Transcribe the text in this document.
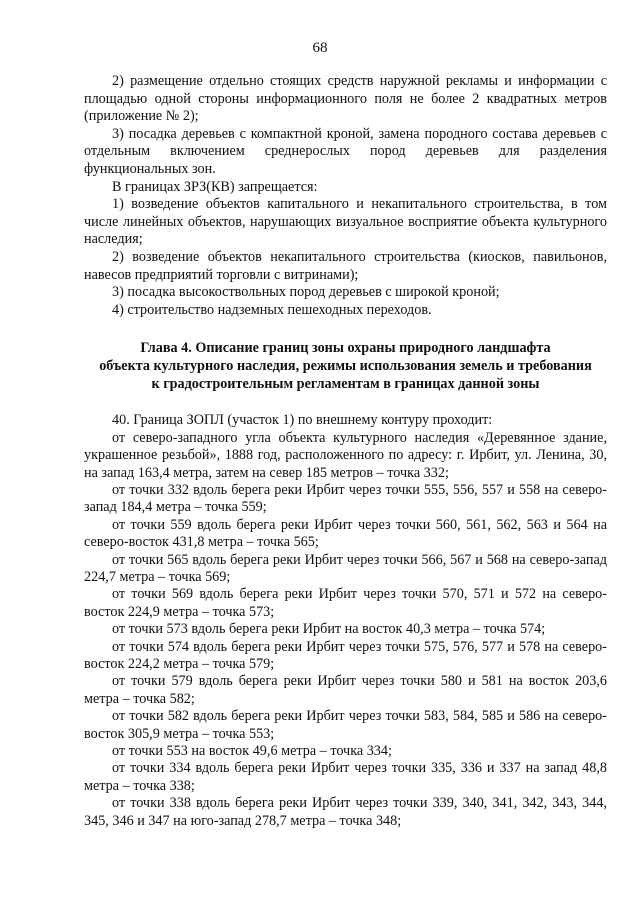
68

2) размещение отдельно стоящих средств наружной рекламы и информации с площадью одной стороны информационного поля не более 2 квадратных метров (приложение № 2);

3) посадка деревьев с компактной кроной, замена породного состава деревьев с отдельным включением среднерослых пород деревьев для разделения функциональных зон.

В границах ЗРЗ(КВ) запрещается:

1) возведение объектов капитального и некапитального строительства, в том числе линейных объектов, нарушающих визуальное восприятие объекта культурного наследия;

2) возведение объектов некапитального строительства (киосков, павильонов, навесов предприятий торговли с витринами);

3) посадка высокоствольных пород деревьев с широкой кроной;

4) строительство надземных пешеходных переходов.

Глава 4. Описание границ зоны охраны природного ландшафта
объекта культурного наследия, режимы использования земель и требования
к градостроительным регламентам в границах данной зоны

40. Граница ЗОПЛ (участок 1) по внешнему контуру проходит:

от северо-западного угла объекта культурного наследия «Деревянное здание, украшенное резьбой», 1888 год, расположенного по адресу: г. Ирбит, ул. Ленина, 30, на запад 163,4 метра, затем на север 185 метров – точка 332;

от точки 332 вдоль берега реки Ирбит через точки 555, 556, 557 и 558 на северо-запад 184,4 метра – точка 559;

от точки 559 вдоль берега реки Ирбит через точки 560, 561, 562, 563 и 564 на северо-восток 431,8 метра – точка 565;

от точки 565 вдоль берега реки Ирбит через точки 566, 567 и 568 на северо-запад 224,7 метра – точка 569;

от точки 569 вдоль берега реки Ирбит через точки 570, 571 и 572 на северо-восток 224,9 метра – точка 573;

от точки 573 вдоль берега реки Ирбит на восток 40,3 метра – точка 574;

от точки 574 вдоль берега реки Ирбит через точки 575, 576, 577 и 578 на северо-восток 224,2 метра – точка 579;

от точки 579 вдоль берега реки Ирбит через точки 580 и 581 на восток 203,6 метра – точка 582;

от точки 582 вдоль берега реки Ирбит через точки 583, 584, 585 и 586 на северо-восток 305,9 метра – точка 553;

от точки 553 на восток 49,6 метра – точка 334;

от точки 334 вдоль берега реки Ирбит через точки 335, 336 и 337 на запад 48,8 метра – точка 338;

от точки 338 вдоль берега реки Ирбит через точки 339, 340, 341, 342, 343, 344, 345, 346 и 347 на юго-запад 278,7 метра – точка 348;
